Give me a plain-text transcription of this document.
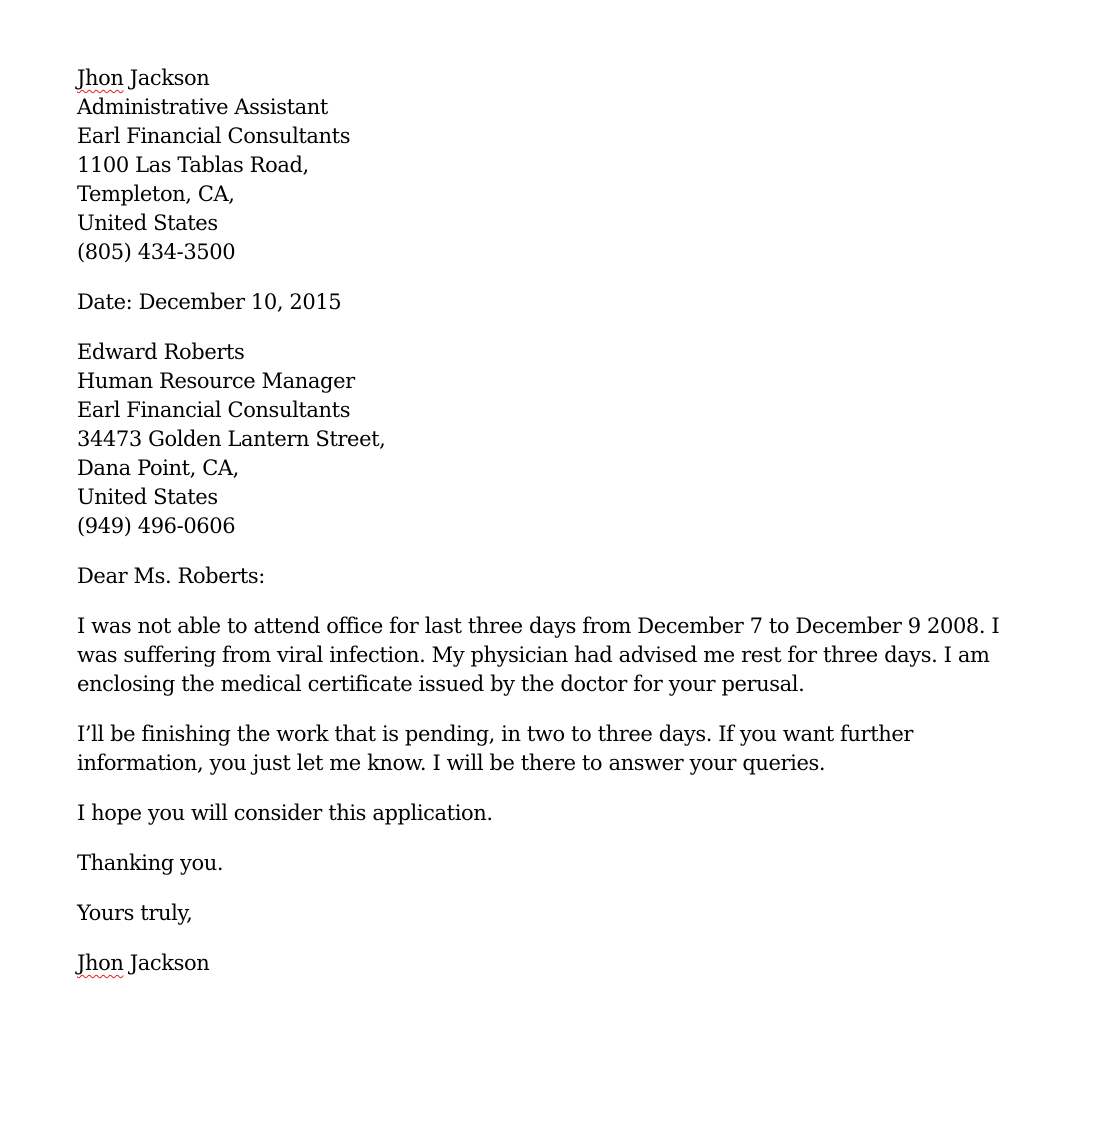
Jhon Jackson
Administrative Assistant
Earl Financial Consultants
1100 Las Tablas Road,
Templeton, CA,
United States
(805) 434-3500
Date: December 10, 2015
Edward Roberts
Human Resource Manager
Earl Financial Consultants
34473 Golden Lantern Street,
Dana Point, CA,
United States
(949) 496-0606
Dear Ms. Roberts:

I was not able to attend office for last three days from December 7 to December 9 2008. I was suffering from viral infection. My physician had advised me rest for three days. I am enclosing the medical certificate issued by the doctor for your perusal.

I’ll be finishing the work that is pending, in two to three days. If you want further information, you just let me know. I will be there to answer your queries.

I hope you will consider this application.

Thanking you.
Yours truly,
Jhon Jackson
